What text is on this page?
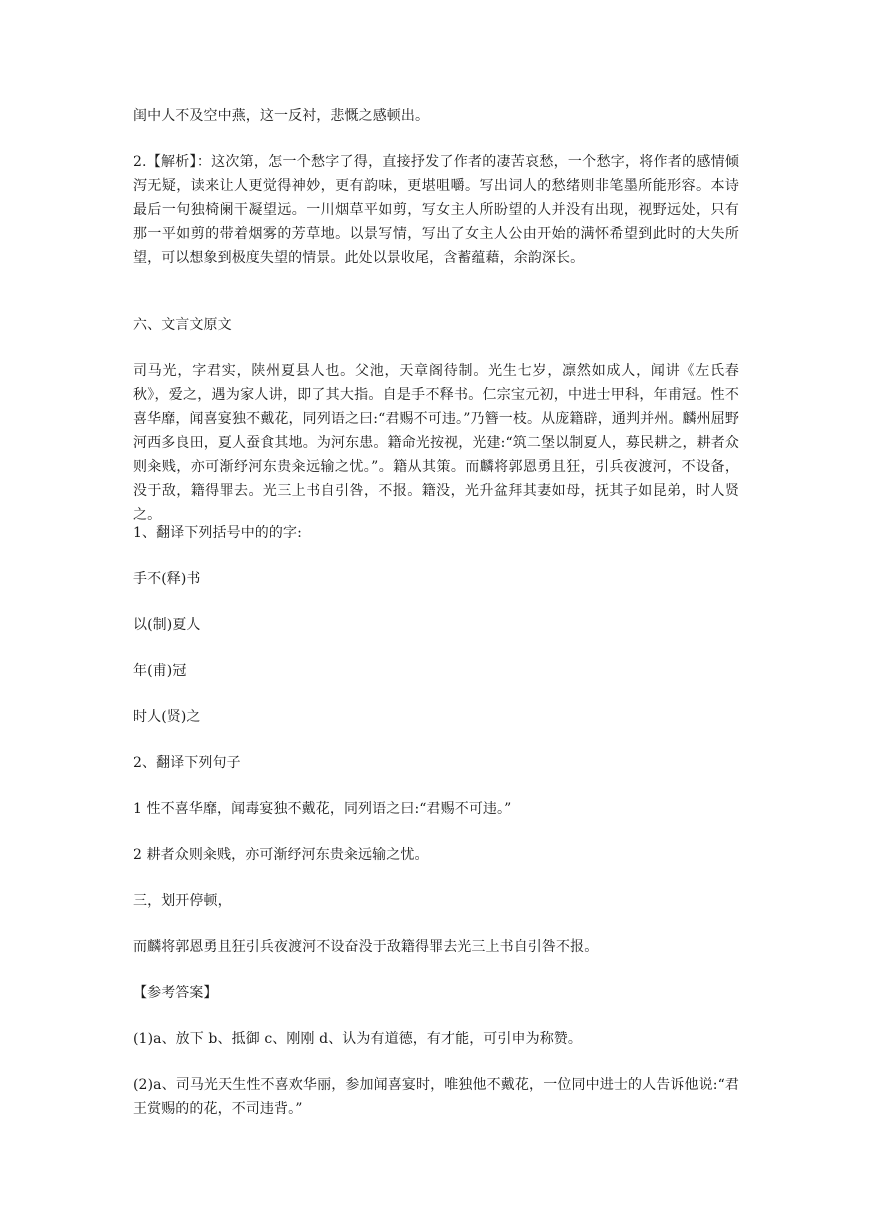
闺中人不及空中燕，这一反衬，悲慨之感顿出。

2.【解析】：这次第，怎一个愁字了得，直接抒发了作者的凄苦哀愁，一个愁字，将作者的感情倾泻无疑，读来让人更觉得神妙，更有韵味，更堪咀嚼。写出词人的愁绪则非笔墨所能形容。本诗最后一句独椅阑干凝望远。一川烟草平如剪，写女主人所盼望的人并没有出现，视野远处，只有那一平如剪的带着烟雾的芳草地。以景写情，写出了女主人公由开始的满怀希望到此时的大失所望，可以想象到极度失望的情景。此处以景收尾，含蓄蕴藉，余韵深长。

六、文言文原文

司马光，字君实，陕州夏县人也。父池，天章阁待制。光生七岁，凛然如成人，闻讲《左氏春秋》，爱之，遇为家人讲，即了其大指。自是手不释书。仁宗宝元初，中进士甲科，年甫冠。性不喜华靡，闻喜宴独不戴花，同列语之曰:“君赐不可违。”乃簪一枝。从庞籍辟，通判并州。麟州屈野河西多良田，夏人蚕食其地。为河东患。籍命光按视，光建:“筑二堡以制夏人，募民耕之，耕者众则籴贱，亦可渐纾河东贵籴远输之忧。”。籍从其策。而麟将郭恩勇且狂，引兵夜渡河，不设备，没于敌，籍得罪去。光三上书自引咎，不报。籍没，光升盆拜其妻如母，抚其子如昆弟，时人贤之。

1、翻译下列括号中的的字:

手不(释)书

以(制)夏人

年(甫)冠

时人(贤)之

2、翻译下列句子

1 性不喜华靡，闻毒宴独不戴花，同列语之曰:“君赐不可违。”

2 耕者众则籴贱，亦可渐纾河东贵籴远输之忧。

三，划开停顿，

而麟将郭恩勇且狂引兵夜渡河不设奋没于敌籍得罪去光三上书自引咎不报。

【参考答案】

(1)a、放下 b、抵御 c、刚刚 d、认为有道德，有才能，可引申为称赞。

(2)a、司马光天生性不喜欢华丽，参加闻喜宴时，唯独他不戴花，一位同中进士的人告诉他说:“君王赏赐的的花，不司违背。”
